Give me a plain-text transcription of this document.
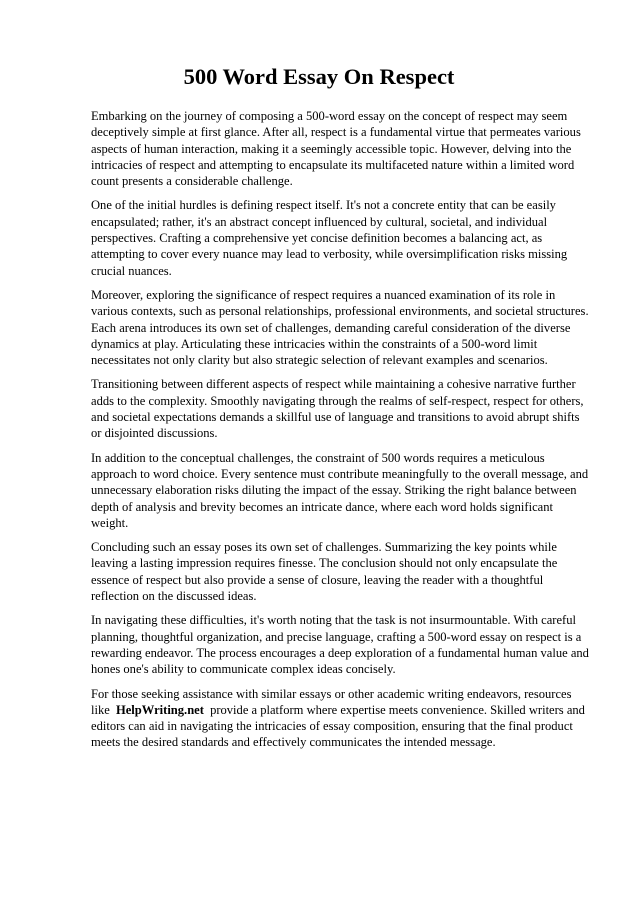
500 Word Essay On Respect

Embarking on the journey of composing a 500-word essay on the concept of respect may seem deceptively simple at first glance. After all, respect is a fundamental virtue that permeates various aspects of human interaction, making it a seemingly accessible topic. However, delving into the intricacies of respect and attempting to encapsulate its multifaceted nature within a limited word count presents a considerable challenge.

One of the initial hurdles is defining respect itself. It's not a concrete entity that can be easily encapsulated; rather, it's an abstract concept influenced by cultural, societal, and individual perspectives. Crafting a comprehensive yet concise definition becomes a balancing act, as attempting to cover every nuance may lead to verbosity, while oversimplification risks missing crucial nuances.

Moreover, exploring the significance of respect requires a nuanced examination of its role in various contexts, such as personal relationships, professional environments, and societal structures. Each arena introduces its own set of challenges, demanding careful consideration of the diverse dynamics at play. Articulating these intricacies within the constraints of a 500-word limit necessitates not only clarity but also strategic selection of relevant examples and scenarios.

Transitioning between different aspects of respect while maintaining a cohesive narrative further adds to the complexity. Smoothly navigating through the realms of self-respect, respect for others, and societal expectations demands a skillful use of language and transitions to avoid abrupt shifts or disjointed discussions.

In addition to the conceptual challenges, the constraint of 500 words requires a meticulous approach to word choice. Every sentence must contribute meaningfully to the overall message, and unnecessary elaboration risks diluting the impact of the essay. Striking the right balance between depth of analysis and brevity becomes an intricate dance, where each word holds significant weight.

Concluding such an essay poses its own set of challenges. Summarizing the key points while leaving a lasting impression requires finesse. The conclusion should not only encapsulate the essence of respect but also provide a sense of closure, leaving the reader with a thoughtful reflection on the discussed ideas.

In navigating these difficulties, it's worth noting that the task is not insurmountable. With careful planning, thoughtful organization, and precise language, crafting a 500-word essay on respect is a rewarding endeavor. The process encourages a deep exploration of a fundamental human value and hones one's ability to communicate complex ideas concisely.

For those seeking assistance with similar essays or other academic writing endeavors, resources like HelpWriting.net provide a platform where expertise meets convenience. Skilled writers and editors can aid in navigating the intricacies of essay composition, ensuring that the final product meets the desired standards and effectively communicates the intended message.
